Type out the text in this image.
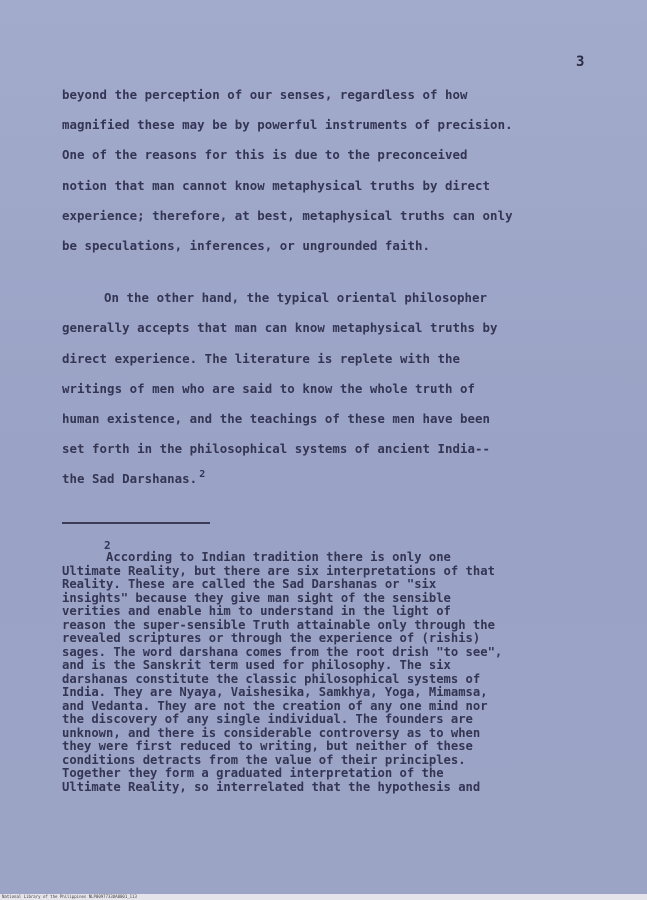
3
beyond the perception of our senses, regardless of how
magnified these may be by powerful instruments of precision.
One of the reasons for this is due to the preconceived
notion that man cannot know metaphysical truths by direct
experience; therefore, at best, metaphysical truths can only
be speculations, inferences, or ungrounded faith.
On the other hand, the typical oriental philosopher
generally accepts that man can know metaphysical truths by
direct experience. The literature is replete with the
writings of men who are said to know the whole truth of
human existence, and the teachings of these men have been
set forth in the philosophical systems of ancient India--
the Sad Darshanas. $^2$
2
According to Indian tradition there is only one
Ultimate Reality, but there are six interpretations of that
Reality. These are called the Sad Darshanas or "six
insights" because they give man sight of the sensible
verities and enable him to understand in the light of
reason the super-sensible Truth attainable only through the
revealed scriptures or through the experience of (rishis)
sages. The word darshana comes from the root drish "to see",
and is the Sanskrit term used for philosophy. The six
darshanas constitute the classic philosophical systems of
India. They are Nyaya, Vaishesika, Samkhya, Yoga, Mimamsa,
and Vedanta. They are not the creation of any one mind nor
the discovery of any single individual. The founders are
unknown, and there is considerable controversy as to when
they were first reduced to writing, but neither of these
conditions detracts from the value of their principles.
Together they form a graduated interpretation of the
Ultimate Reality, so interrelated that the hypothesis and
National Library of the Philippines NLP0097733UA0001_113
